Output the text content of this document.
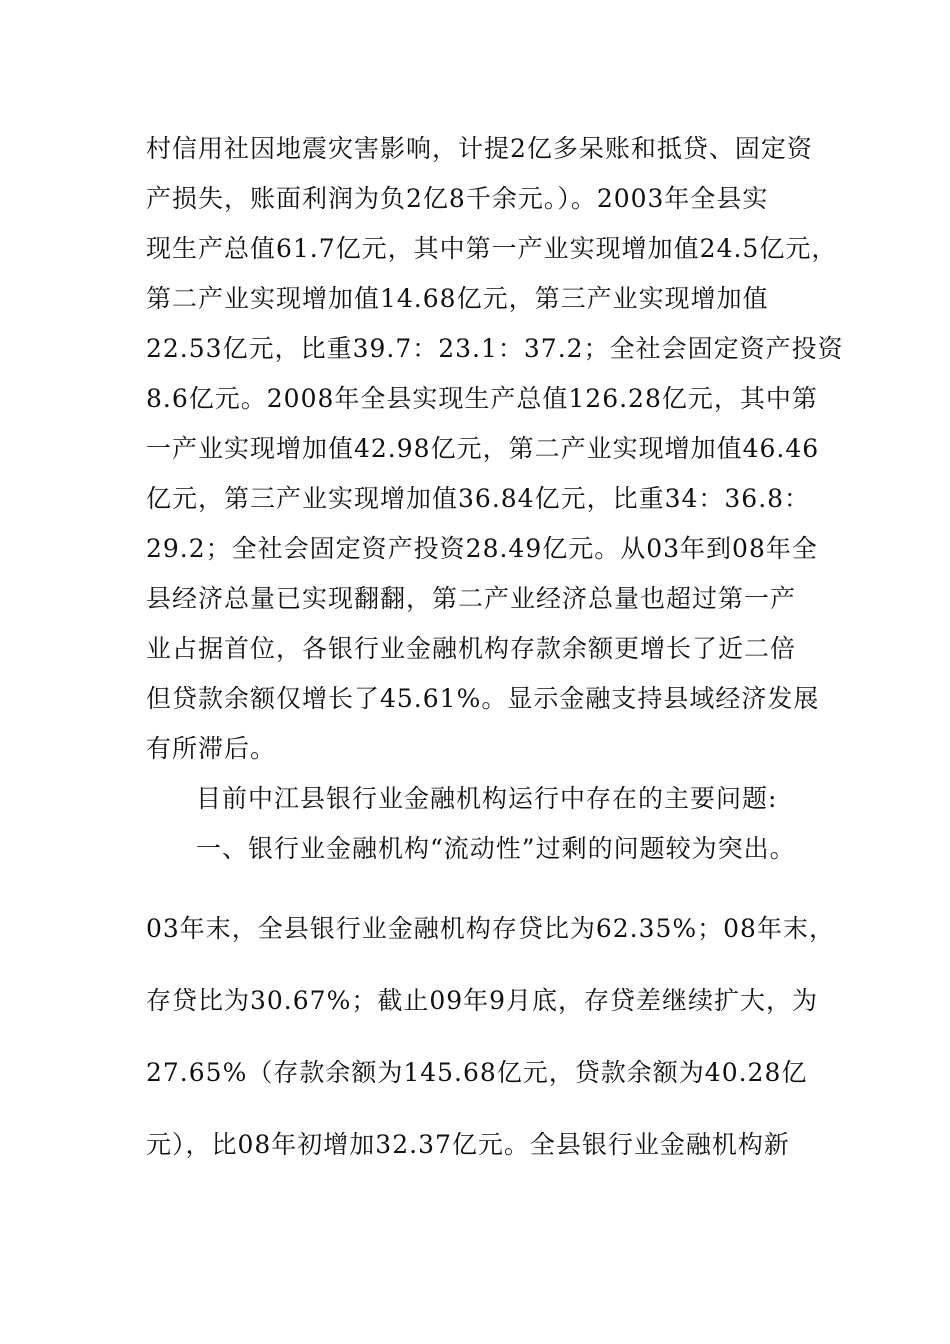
村信用社因地震灾害影响，计提2亿多呆账和抵贷、固定资
产损失，账面利润为负2亿8千余元。）。2003年全县实
现生产总值61.7亿元，其中第一产业实现增加值24.5亿元，
第二产业实现增加值14.68亿元，第三产业实现增加值
22.53亿元，比重39.7：23.1：37.2；全社会固定资产投资
8.6亿元。2008年全县实现生产总值126.28亿元，其中第
一产业实现增加值42.98亿元，第二产业实现增加值46.46
亿元，第三产业实现增加值36.84亿元，比重34：36.8：
29.2；全社会固定资产投资28.49亿元。从03年到08年全
县经济总量已实现翻翻，第二产业经济总量也超过第一产
业占据首位，各银行业金融机构存款余额更增长了近二倍
但贷款余额仅增长了45.61%。显示金融支持县域经济发展
有所滞后。
目前中江县银行业金融机构运行中存在的主要问题:
一、银行业金融机构“流动性”过剩的问题较为突出。
03年末，全县银行业金融机构存贷比为62.35%；08年末，
存贷比为30.67%；截止09年9月底，存贷差继续扩大，为
27.65%（存款余额为145.68亿元，贷款余额为40.28亿
元），比08年初增加32.37亿元。全县银行业金融机构新
